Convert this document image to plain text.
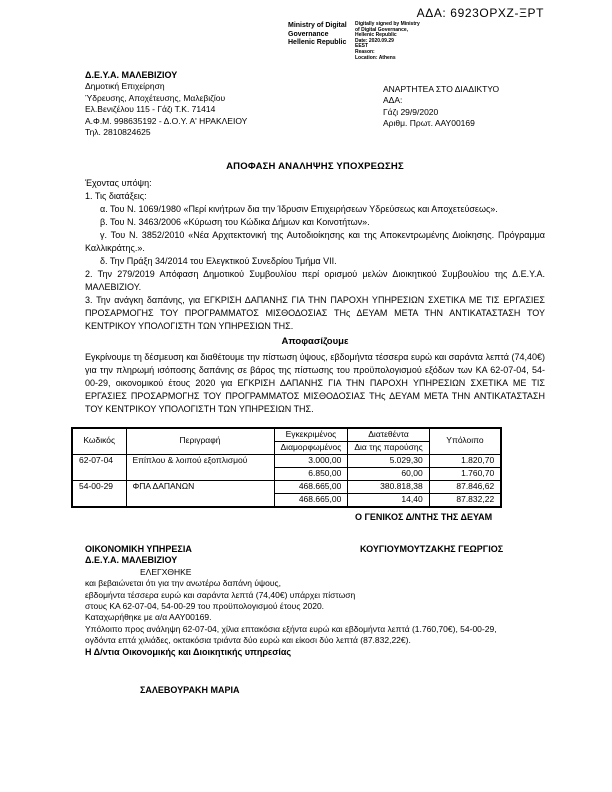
ΑΔΑ: 6923ΟΡΧΖ-ΞΡΤ
Ministry of Digital
Governance
Hellenic Republic
Digitally signed by Ministry
of Digital Governance,
Hellenic Republic
Date: 2020.09.29
EEST
Reason:
Location: Athens
Δ.Ε.Υ.Α. ΜΑΛΕΒΙΖΙΟΥ
Δημοτική Επιχείρηση
Ύδρευσης, Αποχέτευσης, Μαλεβιζίου
Ελ.Βενιζέλου 115 - Γάζι Τ.Κ. 71414
Α.Φ.Μ. 998635192 - Δ.Ο.Υ. Α' ΗΡΑΚΛΕΙΟΥ
Τηλ. 2810824625
ΑΝΑΡΤΗΤΕΑ ΣΤΟ ΔΙΑΔΙΚΤΥΟ
ΑΔΑ:
Γάζι 29/9/2020
Αριθμ. Πρωτ. ΑΑΥ00169
ΑΠΟΦΑΣΗ ΑΝΑΛΗΨΗΣ ΥΠΟΧΡΕΩΣΗΣ
Έχοντας υπόψη:
1. Τις διατάξεις:
α. Του Ν. 1069/1980 «Περί κινήτρων δια την Ίδρυσιν Επιχειρήσεων Υδρεύσεως και Αποχετεύσεως».
β. Του Ν. 3463/2006 «Κύρωση του Κώδικα Δήμων και Κοινοτήτων».
γ. Του Ν. 3852/2010 «Νέα Αρχιτεκτονική της Αυτοδιοίκησης και της Αποκεντρωμένης Διοίκησης. Πρόγραμμα Καλλικράτης.».
δ. Την Πράξη 34/2014 του Ελεγκτικού Συνεδρίου Τμήμα VII.
2. Την 279/2019 Απόφαση Δημοτικού Συμβουλίου περί ορισμού μελών Διοικητικού Συμβουλίου της Δ.Ε.Υ.Α. ΜΑΛΕΒΙΖΙΟΥ.
3. Την ανάγκη δαπάνης, για ΕΓΚΡΙΣΗ ΔΑΠΑΝΗΣ ΓΙΑ ΤΗΝ ΠΑΡΟΧΗ ΥΠΗΡΕΣΙΩΝ ΣΧΕΤΙΚΑ ΜΕ ΤΙΣ ΕΡΓΑΣΙΕΣ ΠΡΟΣΑΡΜΟΓΗΣ ΤΟΥ ΠΡΟΓΡΑΜΜΑΤΟΣ ΜΙΣΘΟΔΟΣΙΑΣ ΤΗς ΔΕΥΑΜ ΜΕΤΑ ΤΗΝ ΑΝΤΙΚΑΤΑΣΤΑΣΗ ΤΟΥ ΚΕΝΤΡΙΚΟΥ ΥΠΟΛΟΓΙΣΤΗ ΤΩΝ ΥΠΗΡΕΣΙΩΝ ΤΗΣ.
Αποφασίζουμε
Εγκρίνουμε τη δέσμευση και διαθέτουμε την πίστωση ύψους, εβδομήντα τέσσερα ευρώ και σαράντα λεπτά (74,40€) για την πληρωμή ισόποσης δαπάνης σε βάρος της πίστωσης του προϋπολογισμού εξόδων των ΚΑ 62-07-04, 54-00-29, οικονομικού έτους 2020 για ΕΓΚΡΙΣΗ ΔΑΠΑΝΗΣ ΓΙΑ ΤΗΝ ΠΑΡΟΧΗ ΥΠΗΡΕΣΙΩΝ ΣΧΕΤΙΚΑ ΜΕ ΤΙΣ ΕΡΓΑΣΙΕΣ ΠΡΟΣΑΡΜΟΓΗΣ ΤΟΥ ΠΡΟΓΡΑΜΜΑΤΟΣ ΜΙΣΘΟΔΟΣΙΑΣ ΤΗς ΔΕΥΑΜ ΜΕΤΑ ΤΗΝ ΑΝΤΙΚΑΤΑΣΤΑΣΗ ΤΟΥ ΚΕΝΤΡΙΚΟΥ ΥΠΟΛΟΓΙΣΤΗ ΤΩΝ ΥΠΗΡΕΣΙΩΝ ΤΗΣ.
Κωδικός	Περιγραφή	Εγκεκριμένος	Διατεθέντα	Υπόλοιπο
		Διαμορφωμένος	Δια της παρούσης	
62-07-04	Επίπλου & λοιπού εξοπλισμού	3.000,00	5.029,30	1.820,70
		6.850,00	60,00	1.760,70
54-00-29	ΦΠΑ ΔΑΠΑΝΩΝ	468.665,00	380.818,38	87.846,62
		468.665,00	14,40	87.832,22
Ο ΓΕΝΙΚΟΣ Δ/ΝΤΗΣ ΤΗΣ ΔΕΥΑΜ
ΚΟΥΓΙΟΥΜΟΥΤΖΑΚΗΣ ΓΕΩΡΓΙΟΣ
ΟΙΚΟΝΟΜΙΚΗ ΥΠΗΡΕΣΙΑ
Δ.Ε.Υ.Α. ΜΑΛΕΒΙΖΙΟΥ
ΕΛΕΓΧΘΗΚΕ
και βεβαιώνεται ότι για την ανωτέρω δαπάνη ύψους,
εβδομήντα τέσσερα ευρώ και σαράντα λεπτά (74,40€) υπάρχει πίστωση
στους ΚΑ 62-07-04, 54-00-29 του προϋπολογισμού έτους 2020.
Καταχωρήθηκε με α/α ΑΑΥ00169.
Υπόλοιπο προς ανάληψη 62-07-04, χίλια επτακόσια εξήντα ευρώ και εβδομήντα λεπτά (1.760,70€), 54-00-29,
ογδόντα επτά χιλιάδες, οκτακόσια τριάντα δύο ευρώ και είκοσι δύο λεπτά (87.832,22€).
Η Δ/ντια Οικονομικής και Διοικητικής υπηρεσίας
ΣΑΛΕΒΟΥΡΑΚΗ ΜΑΡΙΑ
